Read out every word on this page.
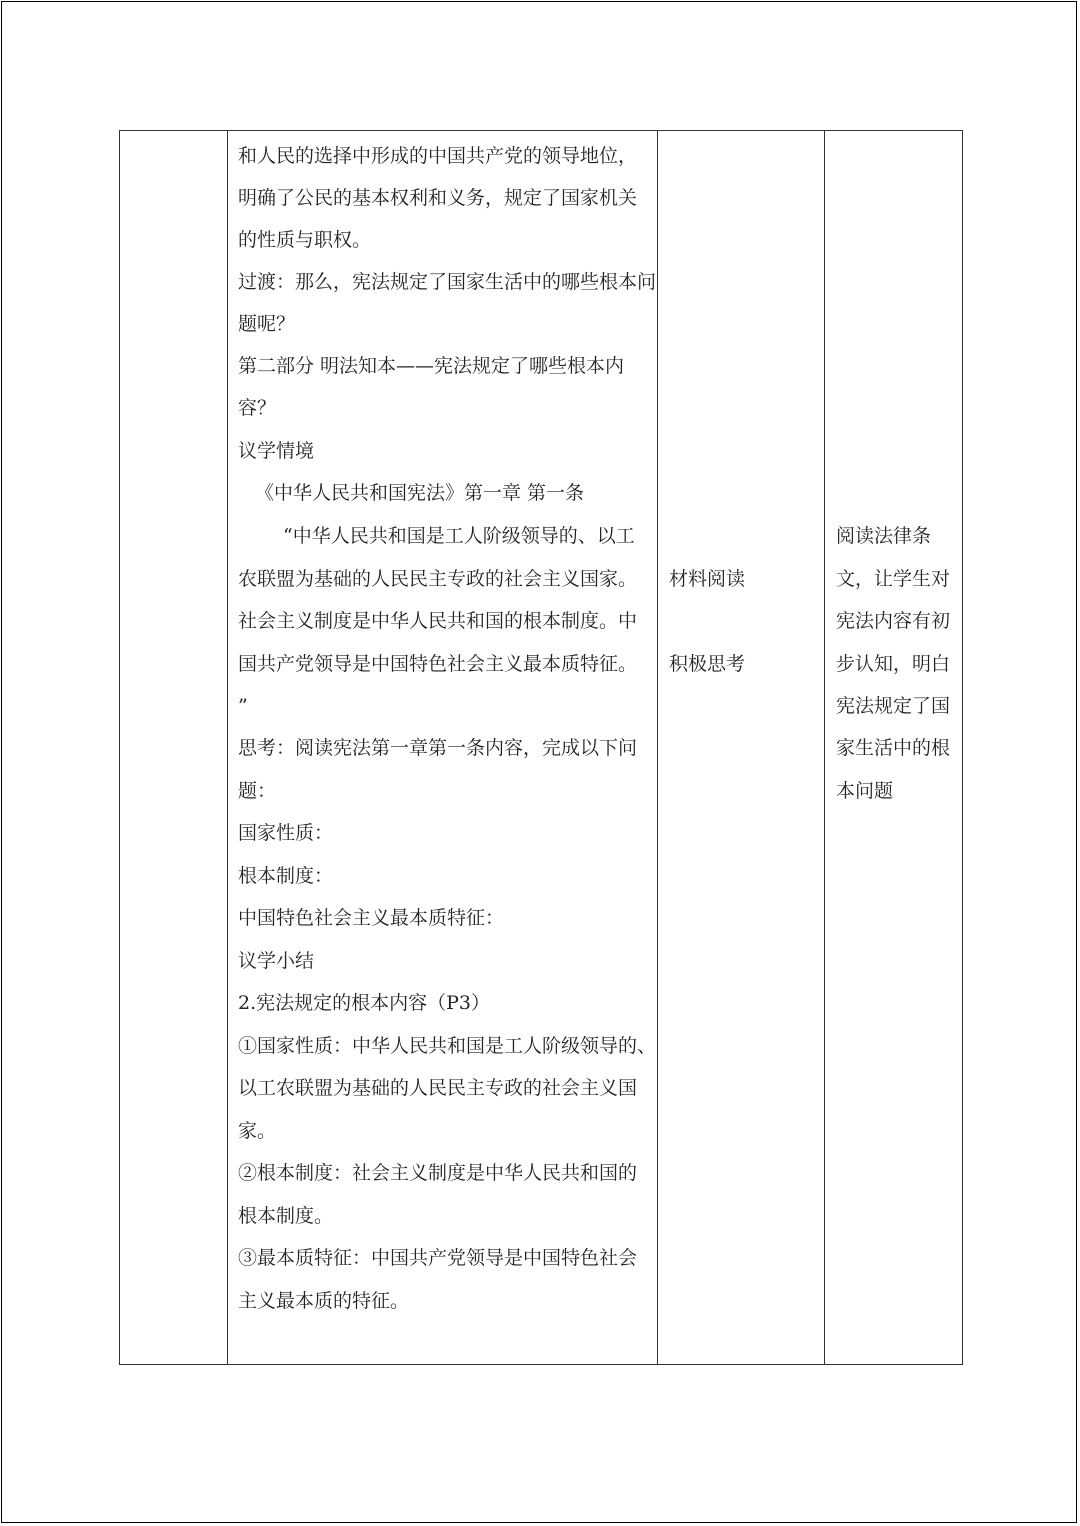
和人民的选择中形成的中国共产党的领导地位，
明确了公民的基本权利和义务，规定了国家机关
的性质与职权。
过渡：那么，宪法规定了国家生活中的哪些根本问
题呢？
第二部分 明法知本——宪法规定了哪些根本内
容？
议学情境
《中华人民共和国宪法》第一章 第一条
“中华人民共和国是工人阶级领导的、以工
农联盟为基础的人民民主专政的社会主义国家。
社会主义制度是中华人民共和国的根本制度。中
国共产党领导是中国特色社会主义最本质特征。
”
思考：阅读宪法第一章第一条内容，完成以下问
题：
国家性质：
根本制度：
中国特色社会主义最本质特征：
议学小结
2.宪法规定的根本内容（P3）
①国家性质：中华人民共和国是工人阶级领导的、
以工农联盟为基础的人民民主专政的社会主义国
家。
②根本制度：社会主义制度是中华人民共和国的
根本制度。
③最本质特征：中国共产党领导是中国特色社会
主义最本质的特征。
材料阅读
积极思考
阅读法律条
文，让学生对
宪法内容有初
步认知，明白
宪法规定了国
家生活中的根
本问题
